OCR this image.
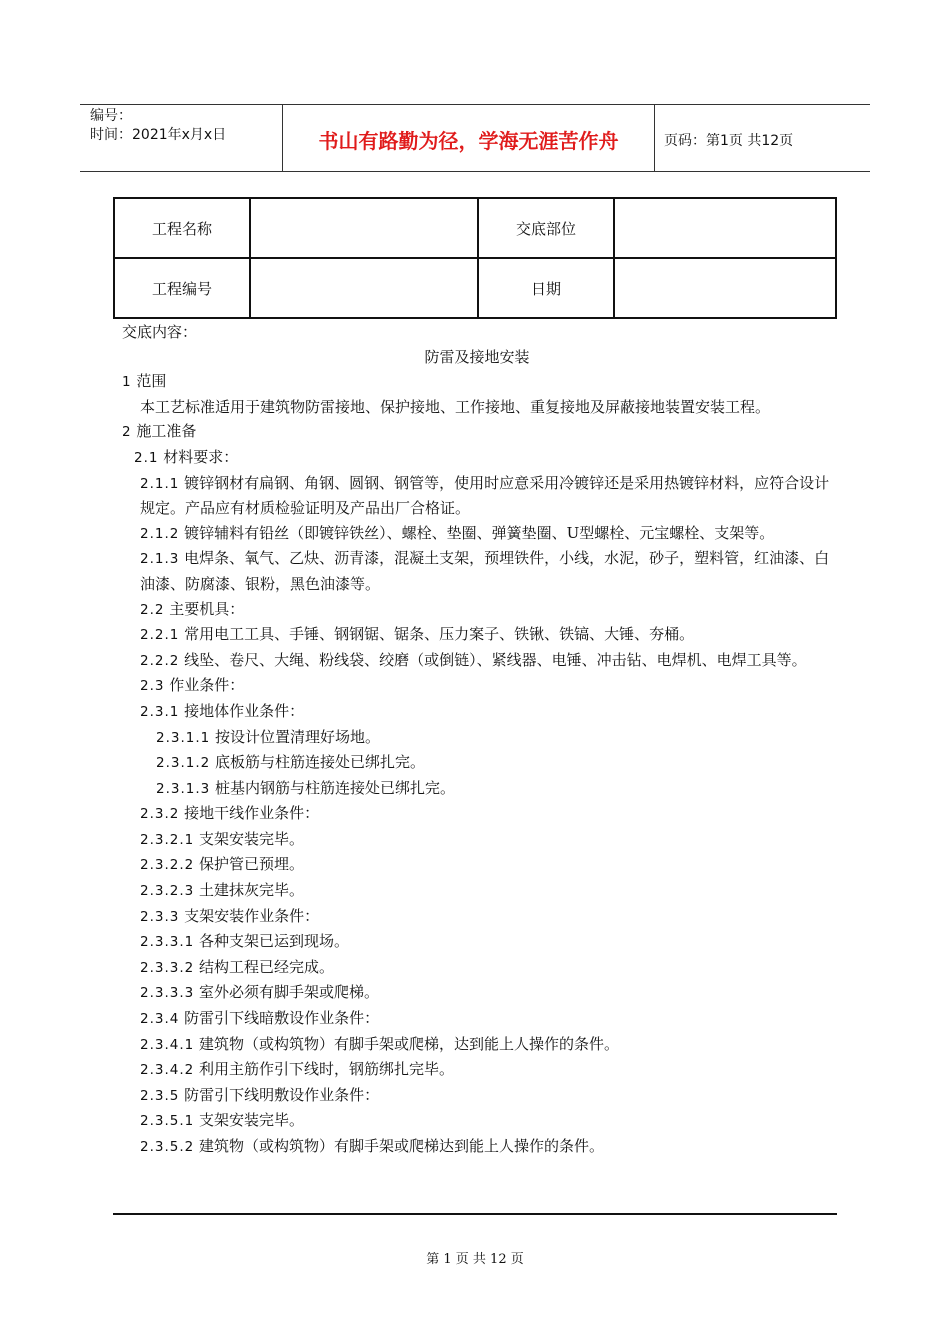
编号：
时间：2021年x月x日	书山有路勤为径，学海无涯苦作舟	页码：第1页 共12页
工程名称		交底部位	
工程编号		日期	

交底内容：

防雷及接地安装

1 范围

本工艺标准适用于建筑物防雷接地、保护接地、工作接地、重复接地及屏蔽接地装置安装工程。

2 施工准备

2.1 材料要求：

2.1.1 镀锌钢材有扁钢、角钢、圆钢、钢管等，使用时应意采用冷镀锌还是采用热镀锌材料，应符合设计规定。产品应有材质检验证明及产品出厂合格证。

2.1.2 镀锌辅料有铅丝（即镀锌铁丝）、螺栓、垫圈、弹簧垫圈、U型螺栓、元宝螺栓、支架等。

2.1.3 电焊条、氧气、乙炔、沥青漆，混凝土支架，预埋铁件，小线，水泥，砂子，塑料管，红油漆、白油漆、防腐漆、银粉，黑色油漆等。

2.2 主要机具：

2.2.1 常用电工工具、手锤、钢钢锯、锯条、压力案子、铁锹、铁镐、大锤、夯桶。

2.2.2 线坠、卷尺、大绳、粉线袋、绞磨（或倒链）、紧线器、电锤、冲击钻、电焊机、电焊工具等。

2.3 作业条件：

2.3.1 接地体作业条件：

2.3.1.1 按设计位置清理好场地。

2.3.1.2 底板筋与柱筋连接处已绑扎完。

2.3.1.3 桩基内钢筋与柱筋连接处已绑扎完。

2.3.2 接地干线作业条件：

2.3.2.1 支架安装完毕。

2.3.2.2 保护管已预埋。

2.3.2.3 土建抹灰完毕。

2.3.3 支架安装作业条件：

2.3.3.1 各种支架已运到现场。

2.3.3.2 结构工程已经完成。

2.3.3.3 室外必须有脚手架或爬梯。

2.3.4 防雷引下线暗敷设作业条件：

2.3.4.1 建筑物（或构筑物）有脚手架或爬梯，达到能上人操作的条件。

2.3.4.2 利用主筋作引下线时，钢筋绑扎完毕。

2.3.5 防雷引下线明敷设作业条件：

2.3.5.1 支架安装完毕。

2.3.5.2 建筑物（或构筑物）有脚手架或爬梯达到能上人操作的条件。

第 1 页 共 12 页
